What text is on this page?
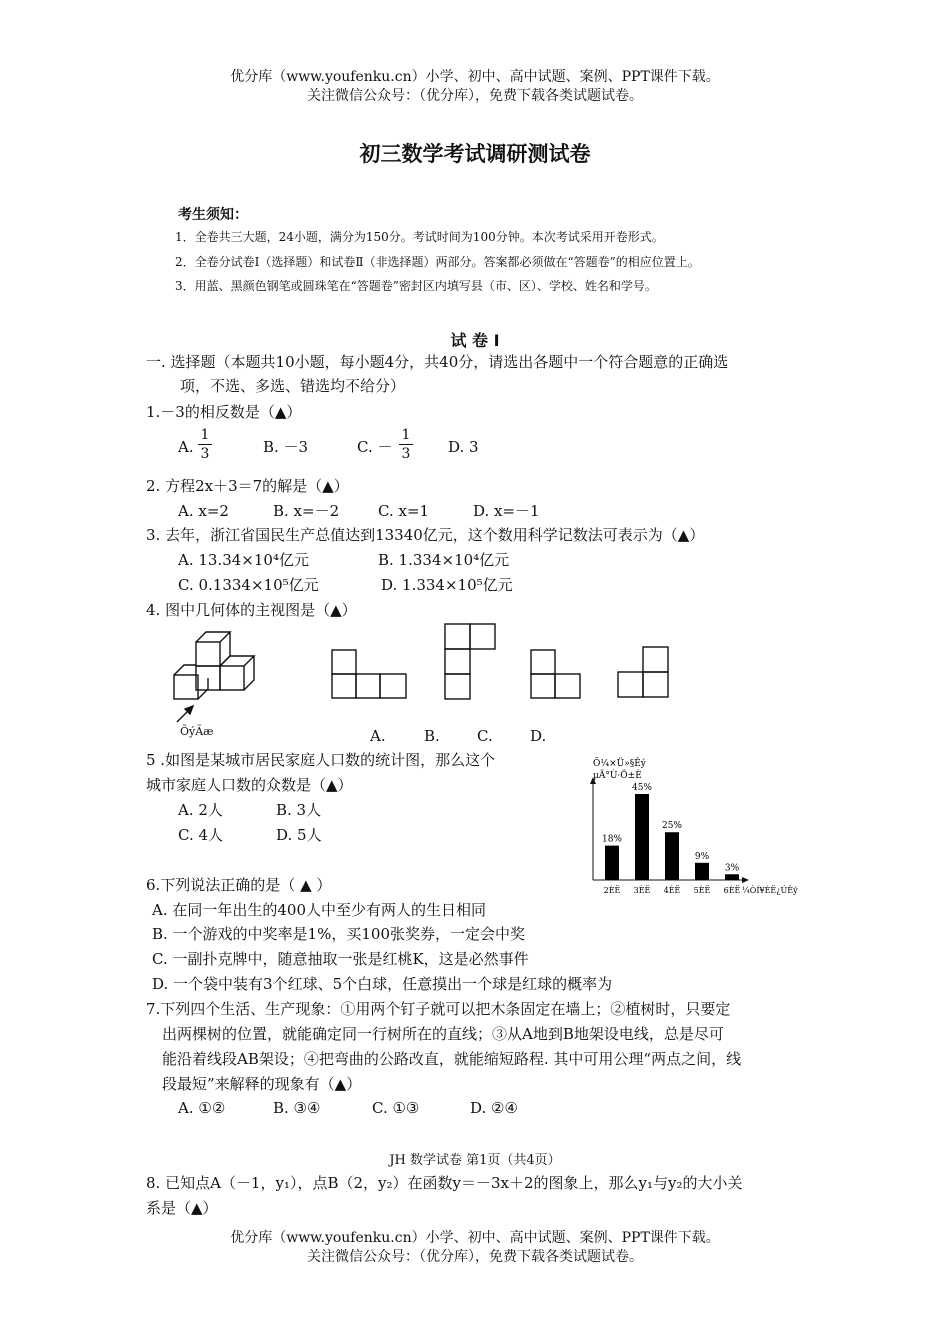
优分库（www.youfenku.cn）小学、初中、高中试题、案例、PPT课件下载。
关注微信公众号：（优分库），免费下载各类试题试卷。
初三数学考试调研测试卷
考生须知：
1．全卷共三大题，24小题，满分为150分。考试时间为100分钟。本次考试采用开卷形式。
2．全卷分试卷Ⅰ（选择题）和试卷Ⅱ（非选择题）两部分。答案都必须做在“答题卷”的相应位置上。
3．用蓝、黑颜色钢笔或圆珠笔在“答题卷”密封区内填写县（市、区）、学校、姓名和学号。
试 卷 Ⅰ
一. 选择题（本题共10小题，每小题4分，共40分，请选出各题中一个符合题意的正确选
项，不选、多选、错选均不给分）
1.－3的相反数是（▲）
A.
1
3	B. －3	C. －
1
3	D. 3
2. 方程2x＋3＝7的解是（▲）
A. x=2	B. x=－2	C. x=1	D. x=－1
3. 去年，浙江省国民生产总值达到13340亿元，这个数用科学记数法可表示为（▲）
A. 13.34×10⁴亿元	B. 1.334×10⁴亿元
C. 0.1334×10⁵亿元	D. 1.334×10⁵亿元
4. 图中几何体的主视图是（▲）
ÕýÃæ	A.	B. C. D.
5 .如图是某城市居民家庭人口数的统计图，那么这个
城市家庭人口数的众数是（▲）
A. 2人	B. 3人
C. 4人	D. 5人
Õ¼×Ü»§Êý
µÄ°Ù·Ö±È
¼ÒÍ¥ÈË¿ÚÊý
18%
2ÈË
45%
3ÈË
25%
4ÈË
9%
5ÈË
3%
6ÈË
6.下列说法正确的是（ ▲ ）
A. 在同一年出生的400人中至少有两人的生日相同
B. 一个游戏的中奖率是1%，买100张奖券，一定会中奖
C. 一副扑克牌中，随意抽取一张是红桃K，这是必然事件
D. 一个袋中装有3个红球、5个白球，任意摸出一个球是红球的概率为
7.下列四个生活、生产现象：①用两个钉子就可以把木条固定在墙上；②植树时，只要定
出两棵树的位置，就能确定同一行树所在的直线；③从A地到B地架设电线，总是尽可
能沿着线段AB架设；④把弯曲的公路改直，就能缩短路程. 其中可用公理“两点之间，线
段最短”来解释的现象有（▲）
A. ①②	B. ③④	C. ①③	D. ②④
JH 数学试卷 第1页（共4页）
8. 已知点A（－1，y₁），点B（2，y₂）在函数y＝－3x＋2的图象上，那么y₁与y₂的大小关
系是（▲）
优分库（www.youfenku.cn）小学、初中、高中试题、案例、PPT课件下载。
关注微信公众号：（优分库），免费下载各类试题试卷。
